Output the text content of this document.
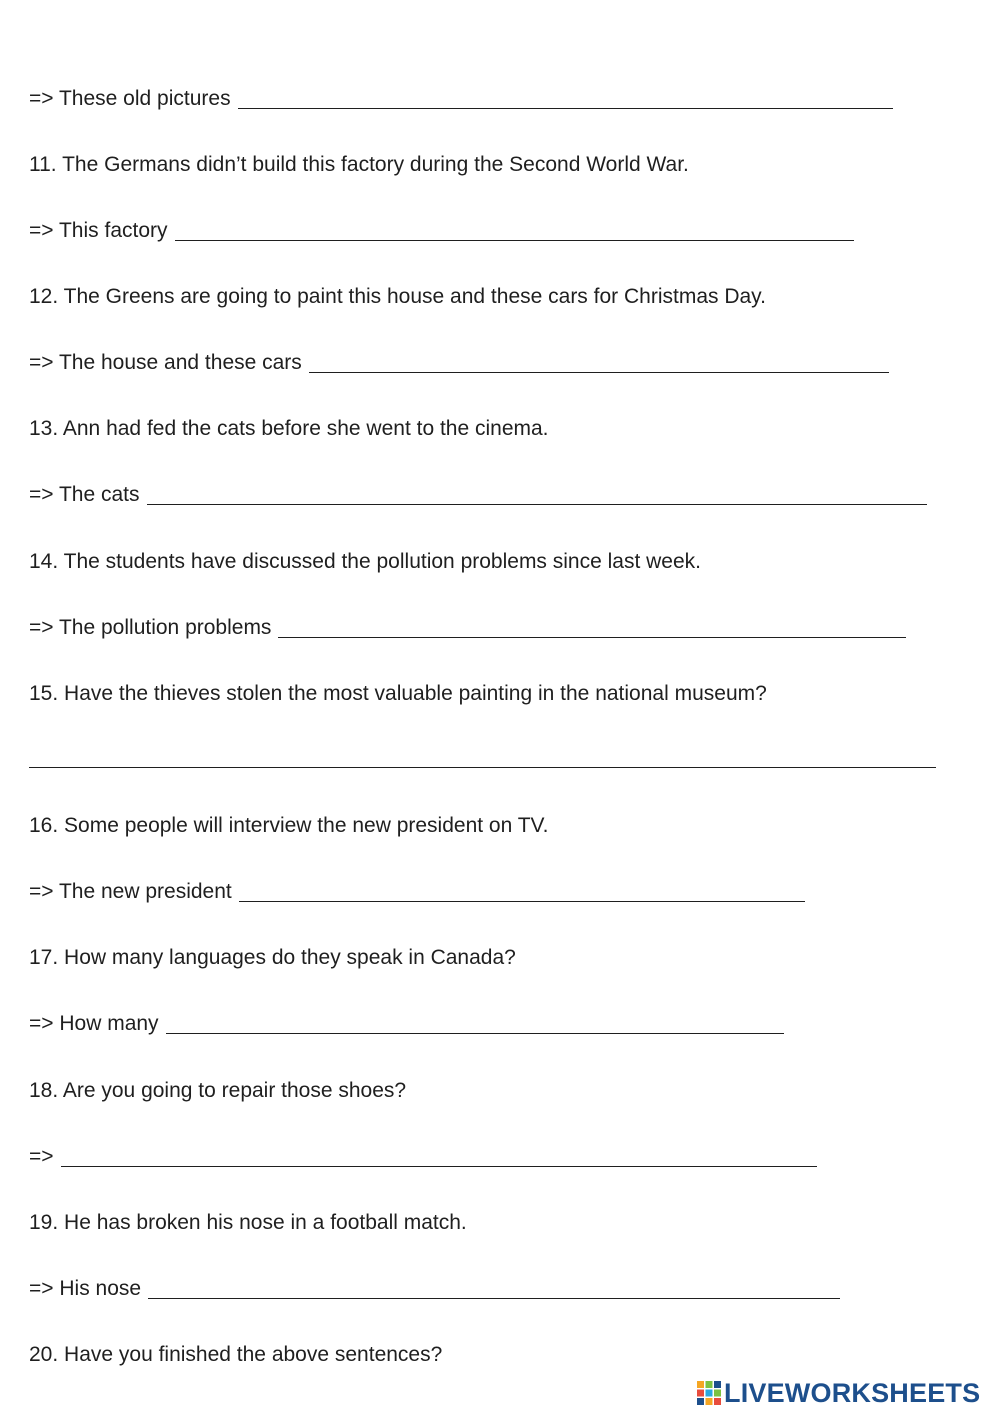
=> These old pictures
11. The Germans didn’t build this factory during the Second World War.
=> This factory
12. The Greens are going to paint this house and these cars for Christmas Day.
=> The house and these cars
13. Ann had fed the cats before she went to the cinema.
=> The cats
14. The students have discussed the pollution problems since last week.
=> The pollution problems
15. Have the thieves stolen the most valuable painting in the national museum?
16. Some people will interview the new president on TV.
=> The new president
17. How many languages do they speak in Canada?
=> How many
18. Are you going to repair those shoes?
=>
19. He has broken his nose in a football match.
=> His nose
20. Have you finished the above sentences?
LIVEWORKSHEETS
